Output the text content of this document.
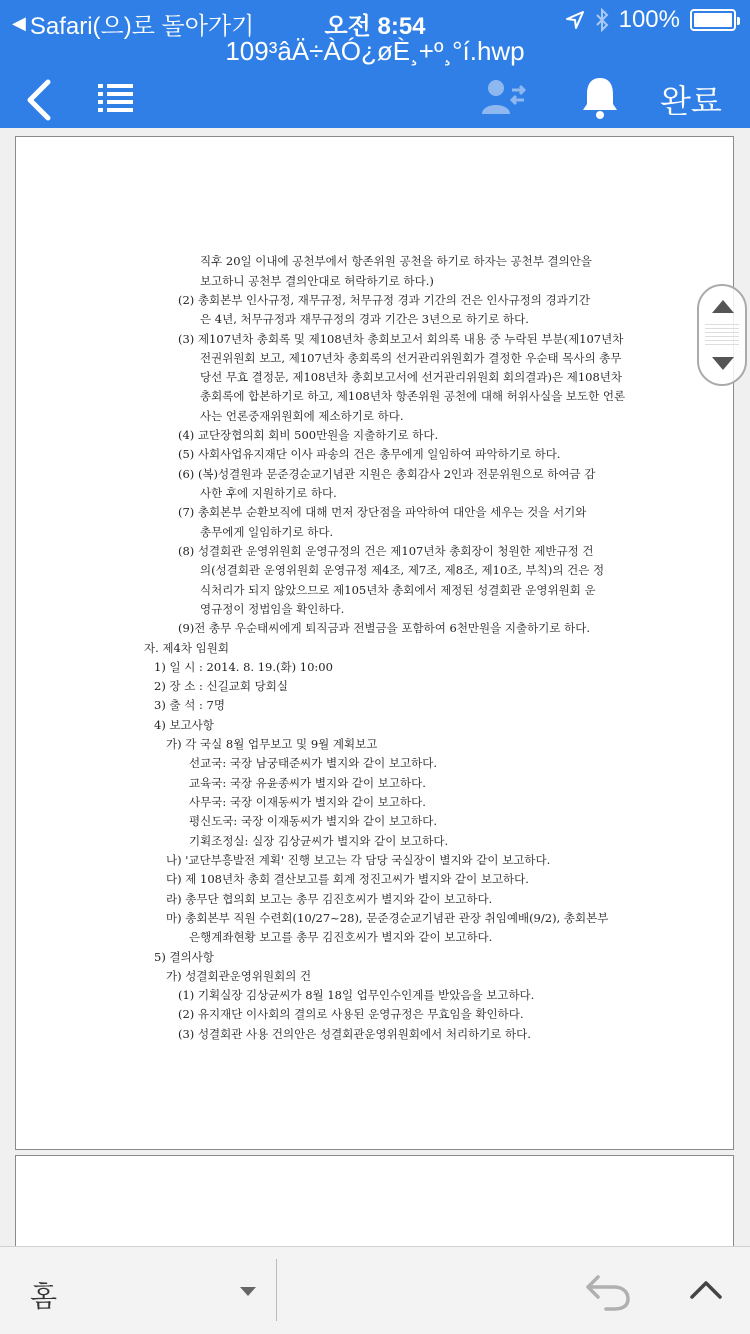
◀ Safari(으)로 돌아가기	오전 8:54	100%
109³âÄ÷ÀÓ¿øÈ¸+º¸°í.hwp
완료
직후 20일 이내에 공천부에서 항존위원 공천을 하기로 하자는 공천부 결의안을
보고하니 공천부 결의안대로 허락하기로 하다.)
(2) 총회본부 인사규정, 재무규정, 처무규정 경과 기간의 건은 인사규정의 경과기간
은 4년, 처무규정과 재무규정의 경과 기간은 3년으로 하기로 하다.
(3) 제107년차 총회록 및 제108년차 총회보고서 회의록 내용 중 누락된 부분(제107년차
전권위원회 보고, 제107년차 총회록의 선거관리위원회가 결정한 우순태 목사의 총무
당선 무효 결정문, 제108년차 총회보고서에 선거관리위원회 회의결과)은 제108년차
총회록에 합본하기로 하고, 제108년차 항존위원 공천에 대해 허위사실을 보도한 언론
사는 언론중재위원회에 제소하기로 하다.
(4) 교단장협의회 회비 500만원을 지출하기로 하다.
(5) 사회사업유지재단 이사 파송의 건은 총무에게 일임하여 파악하기로 하다.
(6) (복)성결원과 문준경순교기념관 지원은 총회감사 2인과 전문위원으로 하여금 감
사한 후에 지원하기로 하다.
(7) 총회본부 순환보직에 대해 먼저 장단점을 파악하여 대안을 세우는 것을 서기와
총무에게 일임하기로 하다.
(8) 성결회관 운영위원회 운영규정의 건은 제107년차 총회장이 청원한 제반규정 건
의(성결회관 운영위원회 운영규정 제4조, 제7조, 제8조, 제10조, 부칙)의 건은 정
식처리가 되지 않았으므로 제105년차 총회에서 제정된 성결회관 운영위원회 운
영규정이 정법임을 확인하다.
(9)전 총무 우순태씨에게 퇴직금과 전별금을 포함하여 6천만원을 지출하기로 하다.
자. 제4차 임원회
1) 일 시 : 2014. 8. 19.(화) 10:00
2) 장 소 : 신길교회 당회실
3) 출 석 : 7명
4) 보고사항
가) 각 국실 8월 업무보고 및 9월 계획보고
선교국: 국장 남궁태준씨가 별지와 같이 보고하다.
교육국: 국장 유윤종씨가 별지와 같이 보고하다.
사무국: 국장 이재동씨가 별지와 같이 보고하다.
평신도국: 국장 이재동씨가 별지와 같이 보고하다.
기획조정실: 실장 김상균씨가 별지와 같이 보고하다.
나) '교단부흥발전 계획' 진행 보고는 각 담당 국실장이 별지와 같이 보고하다.
다) 제 108년차 총회 결산보고를 회계 정진고씨가 별지와 같이 보고하다.
라) 총무단 협의회 보고는 총무 김진호씨가 별지와 같이 보고하다.
마) 총회본부 직원 수련회(10/27~28), 문준경순교기념관 관장 취임예배(9/2), 총회본부
은행계좌현황 보고를 총무 김진호씨가 별지와 같이 보고하다.
5) 결의사항
가) 성결회관운영위원회의 건
(1) 기획실장 김상균씨가 8월 18일 업무인수인계를 받았음을 보고하다.
(2) 유지재단 이사회의 결의로 사용된 운영규정은 무효임을 확인하다.
(3) 성결회관 사용 건의안은 성결회관운영위원회에서 처리하기로 하다.
홈
